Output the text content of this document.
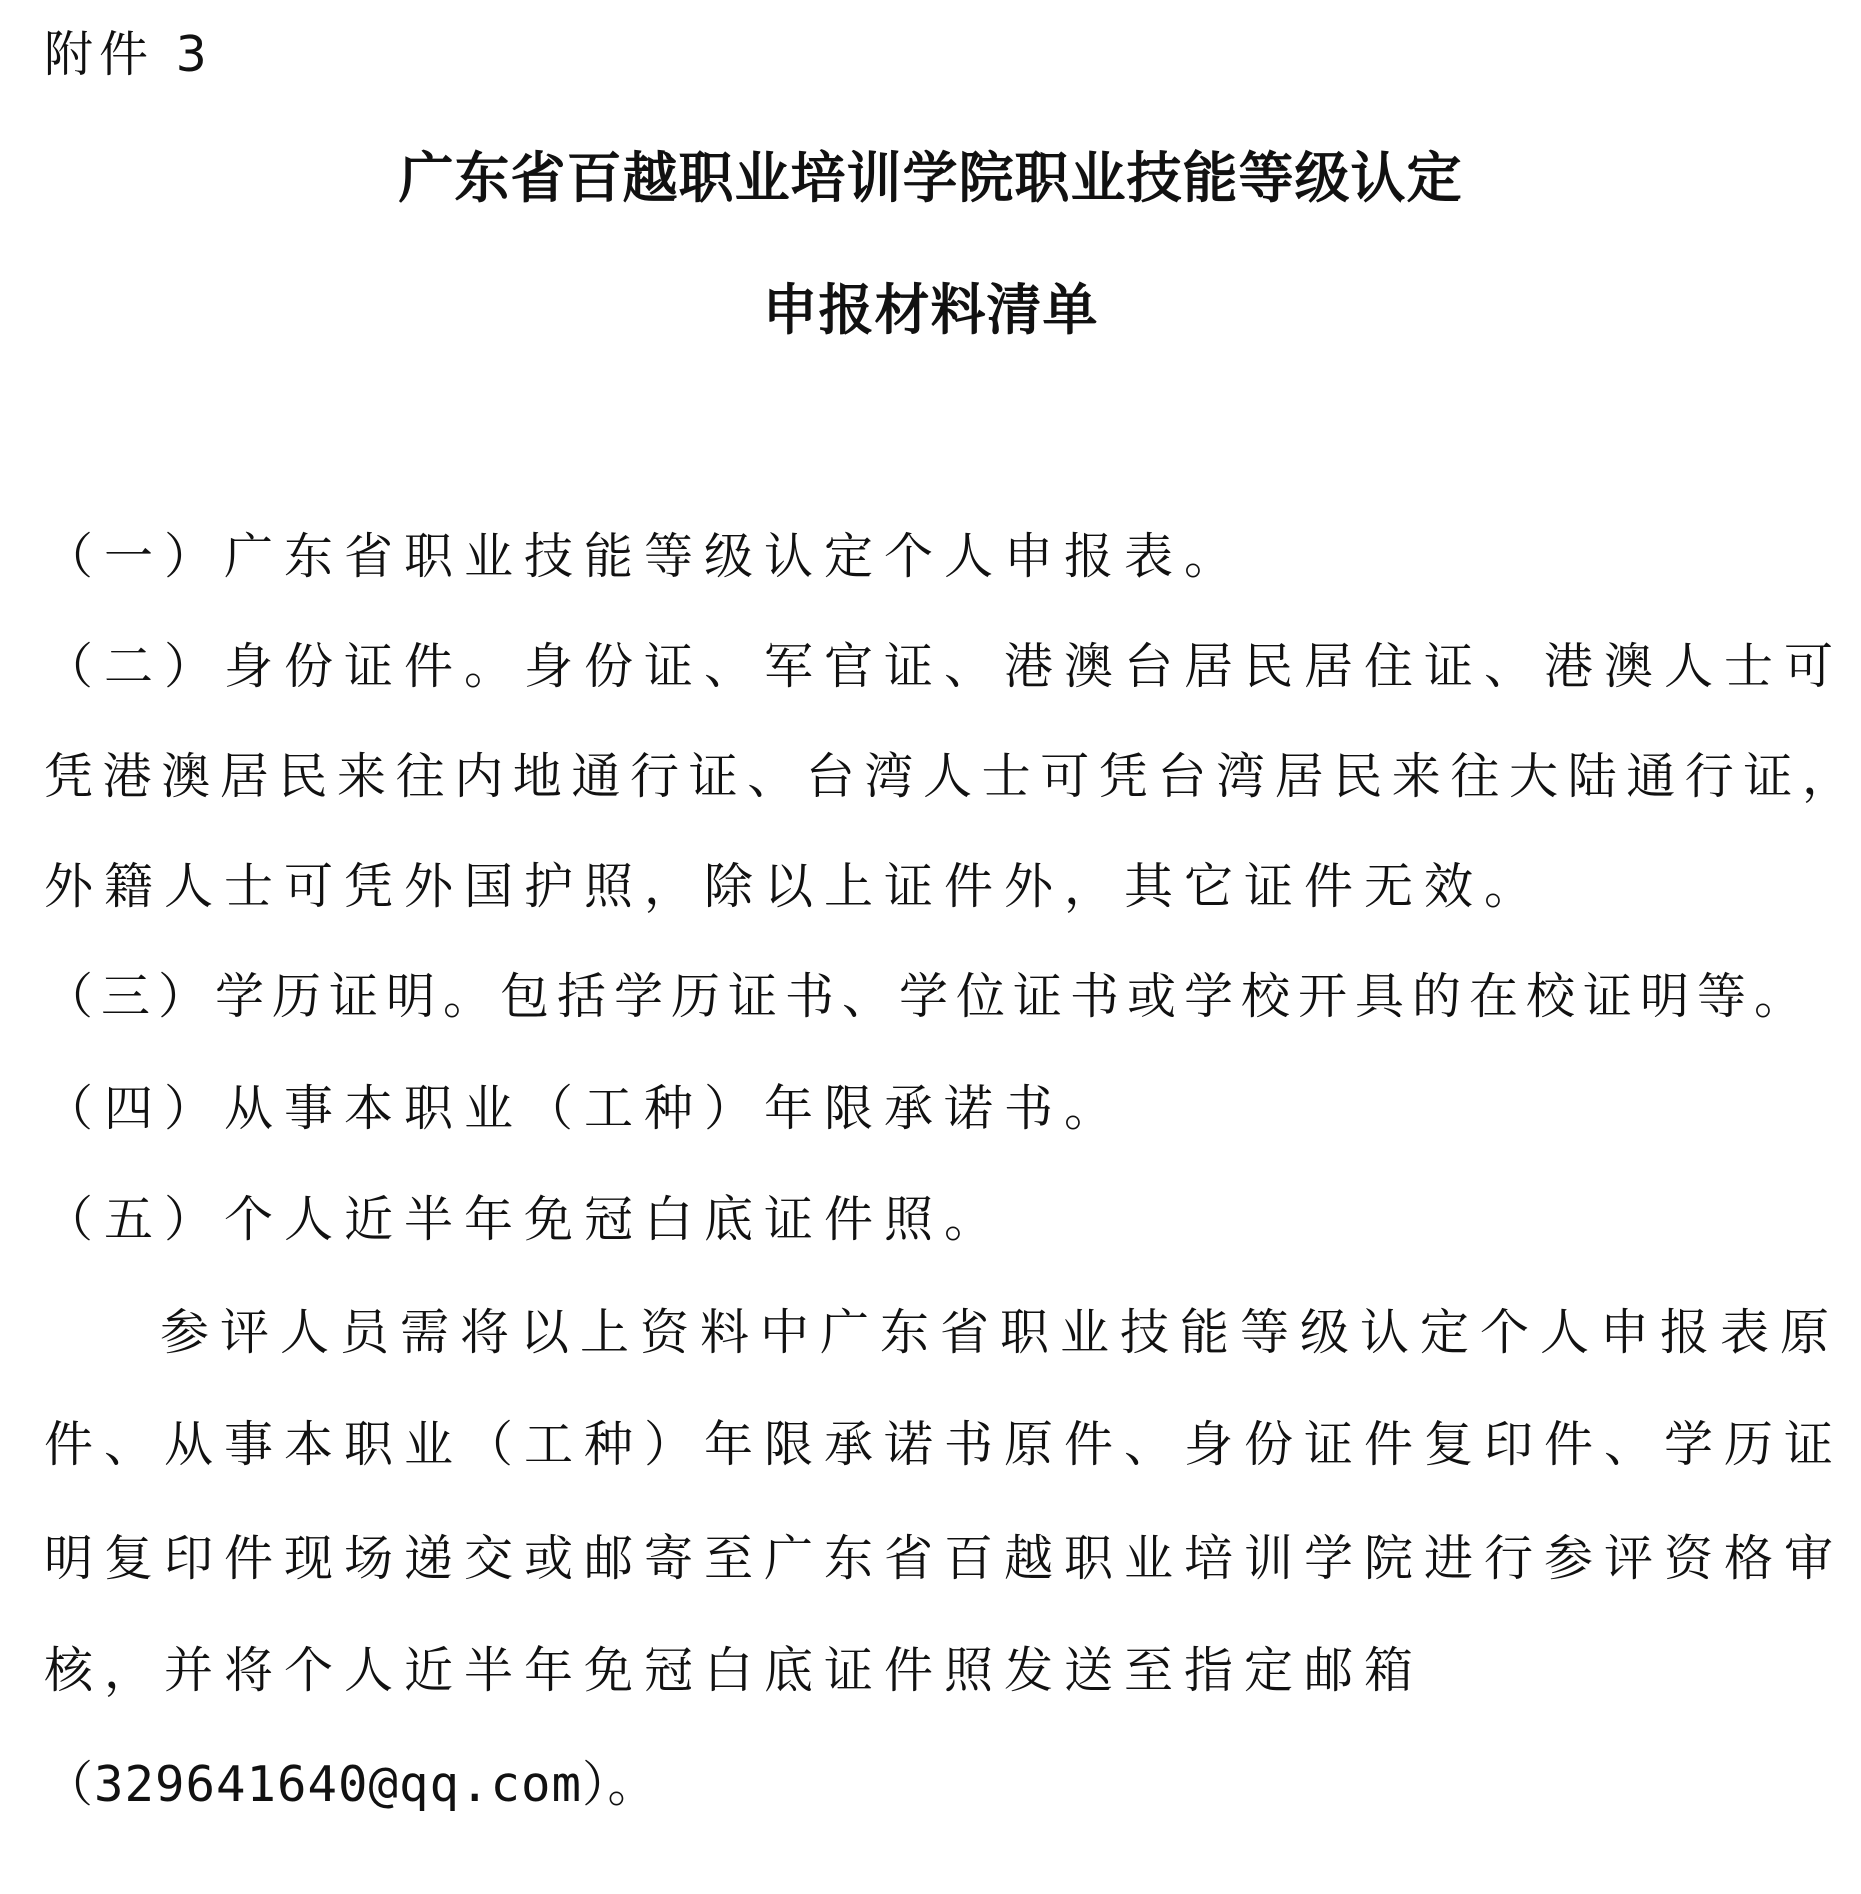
附件 3
广东省百越职业培训学院职业技能等级认定
申报材料清单
（一）广东省职业技能等级认定个人申报表。
（二）身份证件。身份证、军官证、港澳台居民居住证、港澳人士可
凭港澳居民来往内地通行证、台湾人士可凭台湾居民来往大陆通行证，
外籍人士可凭外国护照，除以上证件外，其它证件无效。
（三）学历证明。包括学历证书、学位证书或学校开具的在校证明等。
（四）从事本职业（工种）年限承诺书。
（五）个人近半年免冠白底证件照。
参评人员需将以上资料中广东省职业技能等级认定个人申报表原
件、从事本职业（工种）年限承诺书原件、身份证件复印件、学历证
明复印件现场递交或邮寄至广东省百越职业培训学院进行参评资格审
核，并将个人近半年免冠白底证件照发送至指定邮箱
（329641640@qq.com）。
